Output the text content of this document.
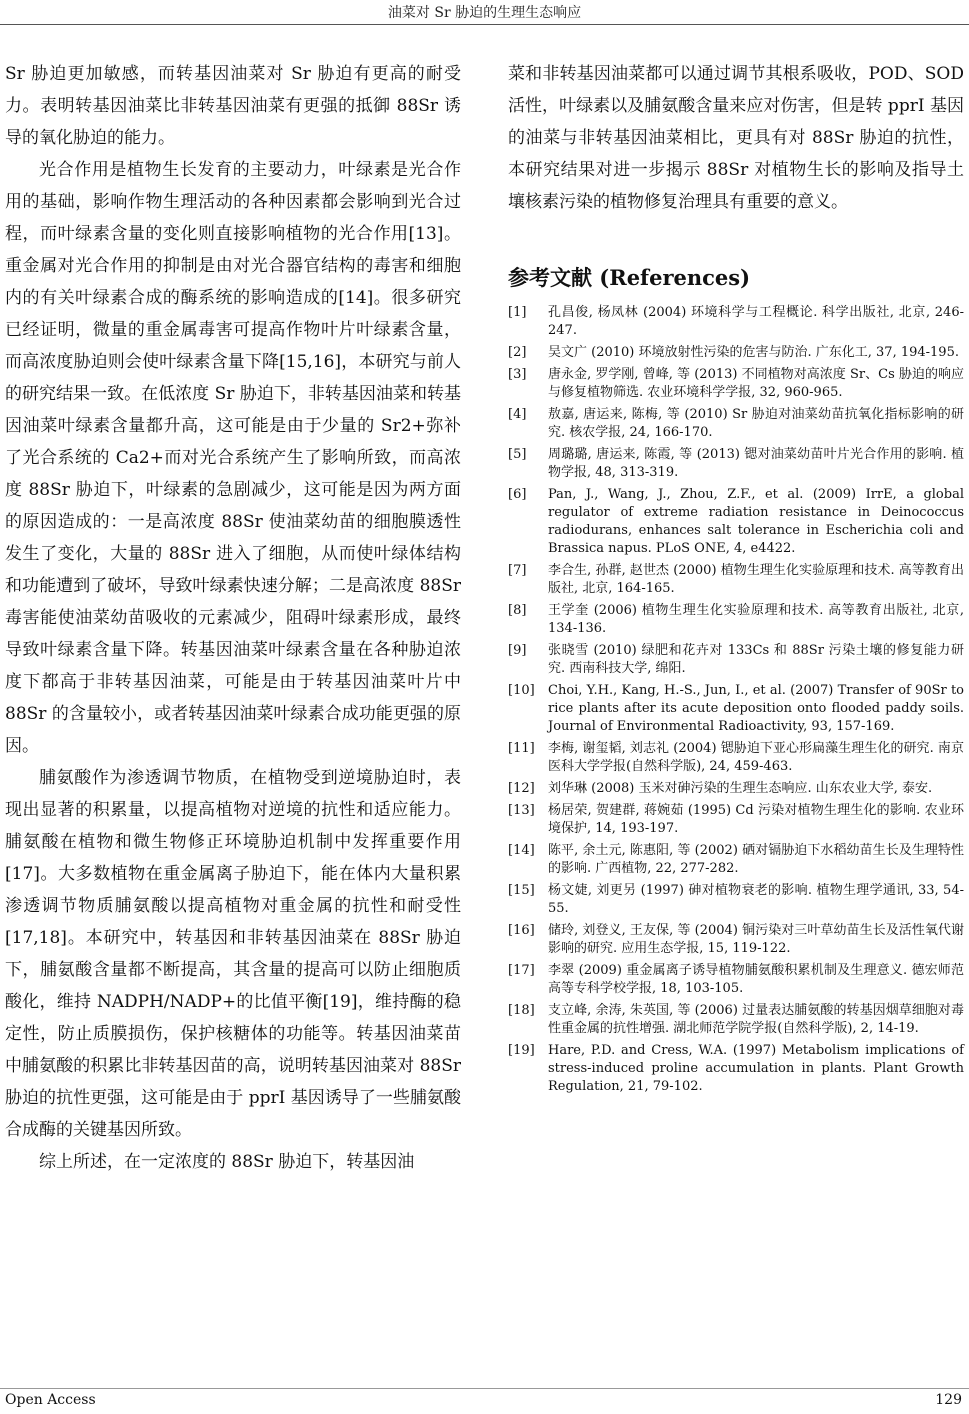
油菜对 Sr 胁迫的生理生态响应

Sr 胁迫更加敏感，而转基因油菜对 Sr 胁迫有更高的耐受力。表明转基因油菜比非转基因油菜有更强的抵御 88Sr 诱导的氧化胁迫的能力。

光合作用是植物生长发育的主要动力，叶绿素是光合作用的基础，影响作物生理活动的各种因素都会影响到光合过程，而叶绿素含量的变化则直接影响植物的光合作用[13]。重金属对光合作用的抑制是由对光合器官结构的毒害和细胞内的有关叶绿素合成的酶系统的影响造成的[14]。很多研究已经证明，微量的重金属毒害可提高作物叶片叶绿素含量，而高浓度胁迫则会使叶绿素含量下降[15,16]，本研究与前人的研究结果一致。在低浓度 Sr 胁迫下，非转基因油菜和转基因油菜叶绿素含量都升高，这可能是由于少量的 Sr2+弥补了光合系统的 Ca2+而对光合系统产生了影响所致，而高浓度 88Sr 胁迫下，叶绿素的急剧减少，这可能是因为两方面的原因造成的：一是高浓度 88Sr 使油菜幼苗的细胞膜透性发生了变化，大量的 88Sr 进入了细胞，从而使叶绿体结构和功能遭到了破坏，导致叶绿素快速分解；二是高浓度 88Sr 毒害能使油菜幼苗吸收的元素减少，阻碍叶绿素形成，最终导致叶绿素含量下降。转基因油菜叶绿素含量在各种胁迫浓度下都高于非转基因油菜，可能是由于转基因油菜叶片中 88Sr 的含量较小，或者转基因油菜叶绿素合成功能更强的原因。

脯氨酸作为渗透调节物质，在植物受到逆境胁迫时，表现出显著的积累量，以提高植物对逆境的抗性和适应能力。脯氨酸在植物和微生物修正环境胁迫机制中发挥重要作用[17]。大多数植物在重金属离子胁迫下，能在体内大量积累渗透调节物质脯氨酸以提高植物对重金属的抗性和耐受性[17,18]。本研究中，转基因和非转基因油菜在 88Sr 胁迫下，脯氨酸含量都不断提高，其含量的提高可以防止细胞质酸化，维持 NADPH/NADP+的比值平衡[19]，维持酶的稳定性，防止质膜损伤，保护核糖体的功能等。转基因油菜苗中脯氨酸的积累比非转基因苗的高，说明转基因油菜对 88Sr 胁迫的抗性更强，这可能是由于 pprI 基因诱导了一些脯氨酸合成酶的关键基因所致。

综上所述，在一定浓度的 88Sr 胁迫下，转基因油

菜和非转基因油菜都可以通过调节其根系吸收，POD、SOD 活性，叶绿素以及脯氨酸含量来应对伤害，但是转 pprI 基因的油菜与非转基因油菜相比，更具有对 88Sr 胁迫的抗性，本研究结果对进一步揭示 88Sr 对植物生长的影响及指导土壤核素污染的植物修复治理具有重要的意义。

参考文献 (References)
[1] 孔昌俊, 杨凤林 (2004) 环境科学与工程概论. 科学出版社, 北京, 246-247.
[2] 吴文广 (2010) 环境放射性污染的危害与防治. 广东化工, 37, 194-195.
[3] 唐永金, 罗学刚, 曾峰, 等 (2013) 不同植物对高浓度 Sr、Cs 胁迫的响应与修复植物筛选. 农业环境科学学报, 32, 960-965.
[4] 敖嘉, 唐运来, 陈梅, 等 (2010) Sr 胁迫对油菜幼苗抗氧化指标影响的研究. 核农学报, 24, 166-170.
[5] 周璐璐, 唐运来, 陈霞, 等 (2013) 锶对油菜幼苗叶片光合作用的影响. 植物学报, 48, 313-319.
[6] Pan, J., Wang, J., Zhou, Z.F., et al. (2009) IrrE, a global regulator of extreme radiation resistance in Deinococcus radiodurans, enhances salt tolerance in Escherichia coli and Brassica napus. PLoS ONE, 4, e4422.
[7] 李合生, 孙群, 赵世杰 (2000) 植物生理生化实验原理和技术. 高等教育出版社, 北京, 164-165.
[8] 王学奎 (2006) 植物生理生化实验原理和技术. 高等教育出版社, 北京, 134-136.
[9] 张晓雪 (2010) 绿肥和花卉对 133Cs 和 88Sr 污染土壤的修复能力研究. 西南科技大学, 绵阳.
[10] Choi, Y.H., Kang, H.-S., Jun, I., et al. (2007) Transfer of 90Sr to rice plants after its acute deposition onto flooded paddy soils. Journal of Environmental Radioactivity, 93, 157-169.
[11] 李梅, 谢玺韬, 刘志礼 (2004) 锶胁迫下亚心形扁藻生理生化的研究. 南京医科大学学报(自然科学版), 24, 459-463.
[12] 刘华琳 (2008) 玉米对砷污染的生理生态响应. 山东农业大学, 泰安.
[13] 杨居荣, 贺建群, 蒋婉茹 (1995) Cd 污染对植物生理生化的影响. 农业环境保护, 14, 193-197.
[14] 陈平, 余土元, 陈惠阳, 等 (2002) 硒对镉胁迫下水稻幼苗生长及生理特性的影响. 广西植物, 22, 277-282.
[15] 杨文婕, 刘更另 (1997) 砷对植物衰老的影响. 植物生理学通讯, 33, 54-55.
[16] 储玲, 刘登义, 王友保, 等 (2004) 铜污染对三叶草幼苗生长及活性氧代谢影响的研究. 应用生态学报, 15, 119-122.
[17] 李翠 (2009) 重金属离子诱导植物脯氨酸积累机制及生理意义. 德宏师范高等专科学校学报, 18, 103-105.
[18] 支立峰, 余涛, 朱英国, 等 (2006) 过量表达脯氨酸的转基因烟草细胞对毒性重金属的抗性增强. 湖北师范学院学报(自然科学版), 2, 14-19.
[19] Hare, P.D. and Cress, W.A. (1997) Metabolism implications of stress-induced proline accumulation in plants. Plant Growth Regulation, 21, 79-102.
Open Access	129
